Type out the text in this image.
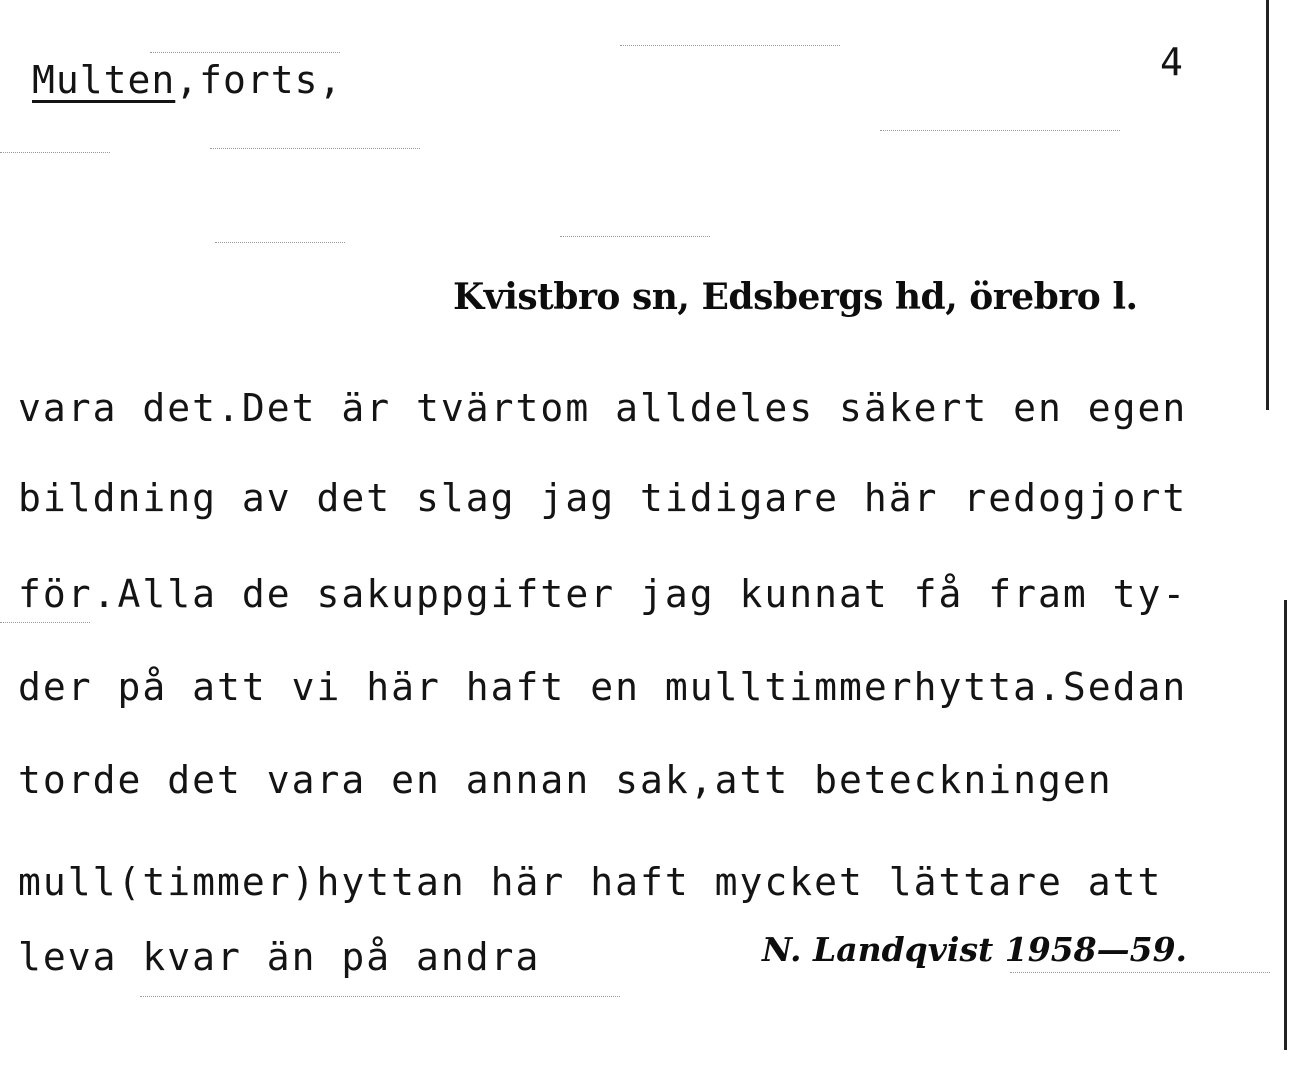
Multen,forts,	4
Kvistbro sn, Edsbergs hd, örebro l.
vara det.Det är tvärtom alldeles säkert en egen
bildning av det slag jag tidigare här redogjort
för.Alla de sakuppgifter jag kunnat få fram ty-
der på att vi här haft en mulltimmerhytta.Sedan
torde det vara en annan sak,att beteckningen
mull(timmer)hyttan här haft mycket lättare att
leva kvar än på andra	N. Landqvist 1958—59.
